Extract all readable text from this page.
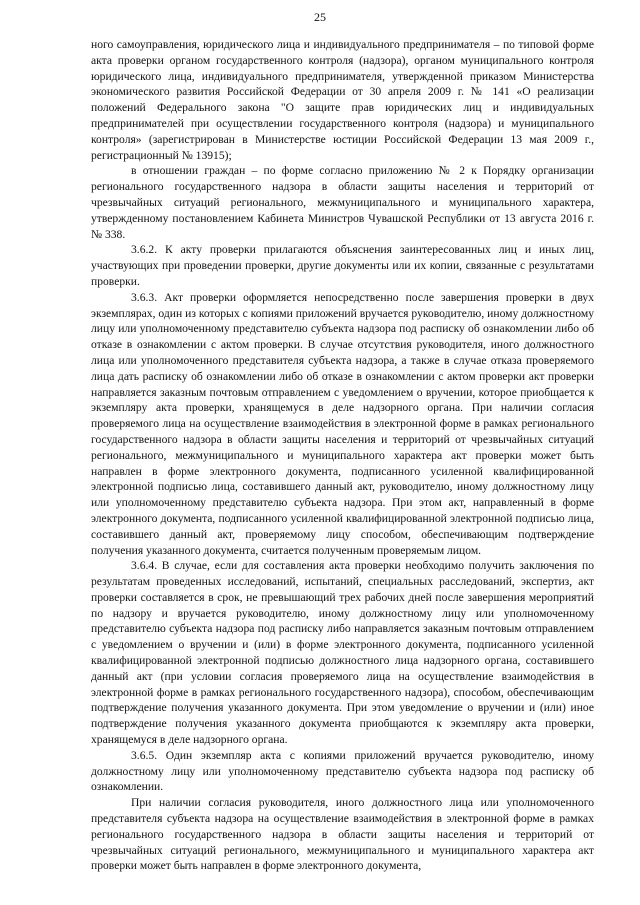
25

ного самоуправления, юридического лица и индивидуального предпринимателя – по типовой форме акта проверки органом государственного контроля (надзора), органом муниципального контроля юридического лица, индивидуального предпринимателя, утвержденной приказом Министерства экономического развития Российской Федерации от 30 апреля 2009 г. № 141 «О реализации положений Федерального закона "О защите прав юридических лиц и индивидуальных предпринимателей при осуществлении государственного контроля (надзора) и муниципального контроля» (зарегистрирован в Министерстве юстиции Российской Федерации 13 мая 2009 г., регистрационный № 13915);

в отношении граждан – по форме согласно приложению № 2 к Порядку организации регионального государственного надзора в области защиты населения и территорий от чрезвычайных ситуаций регионального, межмуниципального и муниципального характера, утвержденному постановлением Кабинета Министров Чувашской Республики от 13 августа 2016 г. № 338.

3.6.2. К акту проверки прилагаются объяснения заинтересованных лиц и иных лиц, участвующих при проведении проверки, другие документы или их копии, связанные с результатами проверки.

3.6.3. Акт проверки оформляется непосредственно после завершения проверки в двух экземплярах, один из которых с копиями приложений вручается руководителю, иному должностному лицу или уполномоченному представителю субъекта надзора под расписку об ознакомлении либо об отказе в ознакомлении с актом проверки. В случае отсутствия руководителя, иного должностного лица или уполномоченного представителя субъекта надзора, а также в случае отказа проверяемого лица дать расписку об ознакомлении либо об отказе в ознакомлении с актом проверки акт проверки направляется заказным почтовым отправлением с уведомлением о вручении, которое приобщается к экземпляру акта проверки, хранящемуся в деле надзорного органа. При наличии согласия проверяемого лица на осуществление взаимодействия в электронной форме в рамках регионального государственного надзора в области защиты населения и территорий от чрезвычайных ситуаций регионального, межмуниципального и муниципального характера акт проверки может быть направлен в форме электронного документа, подписанного усиленной квалифицированной электронной подписью лица, составившего данный акт, руководителю, иному должностному лицу или уполномоченному представителю субъекта надзора. При этом акт, направленный в форме электронного документа, подписанного усиленной квалифицированной электронной подписью лица, составившего данный акт, проверяемому лицу способом, обеспечивающим подтверждение получения указанного документа, считается полученным проверяемым лицом.

3.6.4. В случае, если для составления акта проверки необходимо получить заключения по результатам проведенных исследований, испытаний, специальных расследований, экспертиз, акт проверки составляется в срок, не превышающий трех рабочих дней после завершения мероприятий по надзору и вручается руководителю, иному должностному лицу или уполномоченному представителю субъекта надзора под расписку либо направляется заказным почтовым отправлением с уведомлением о вручении и (или) в форме электронного документа, подписанного усиленной квалифицированной электронной подписью должностного лица надзорного органа, составившего данный акт (при условии согласия проверяемого лица на осуществление взаимодействия в электронной форме в рамках регионального государственного надзора), способом, обеспечивающим подтверждение получения указанного документа. При этом уведомление о вручении и (или) иное подтверждение получения указанного документа приобщаются к экземпляру акта проверки, хранящемуся в деле надзорного органа.

3.6.5. Один экземпляр акта с копиями приложений вручается руководителю, иному должностному лицу или уполномоченному представителю субъекта надзора под расписку об ознакомлении.

При наличии согласия руководителя, иного должностного лица или уполномоченного представителя субъекта надзора на осуществление взаимодействия в электронной форме в рамках регионального государственного надзора в области защиты населения и территорий от чрезвычайных ситуаций регионального, межмуниципального и муниципального характера акт проверки может быть направлен в форме электронного документа,
